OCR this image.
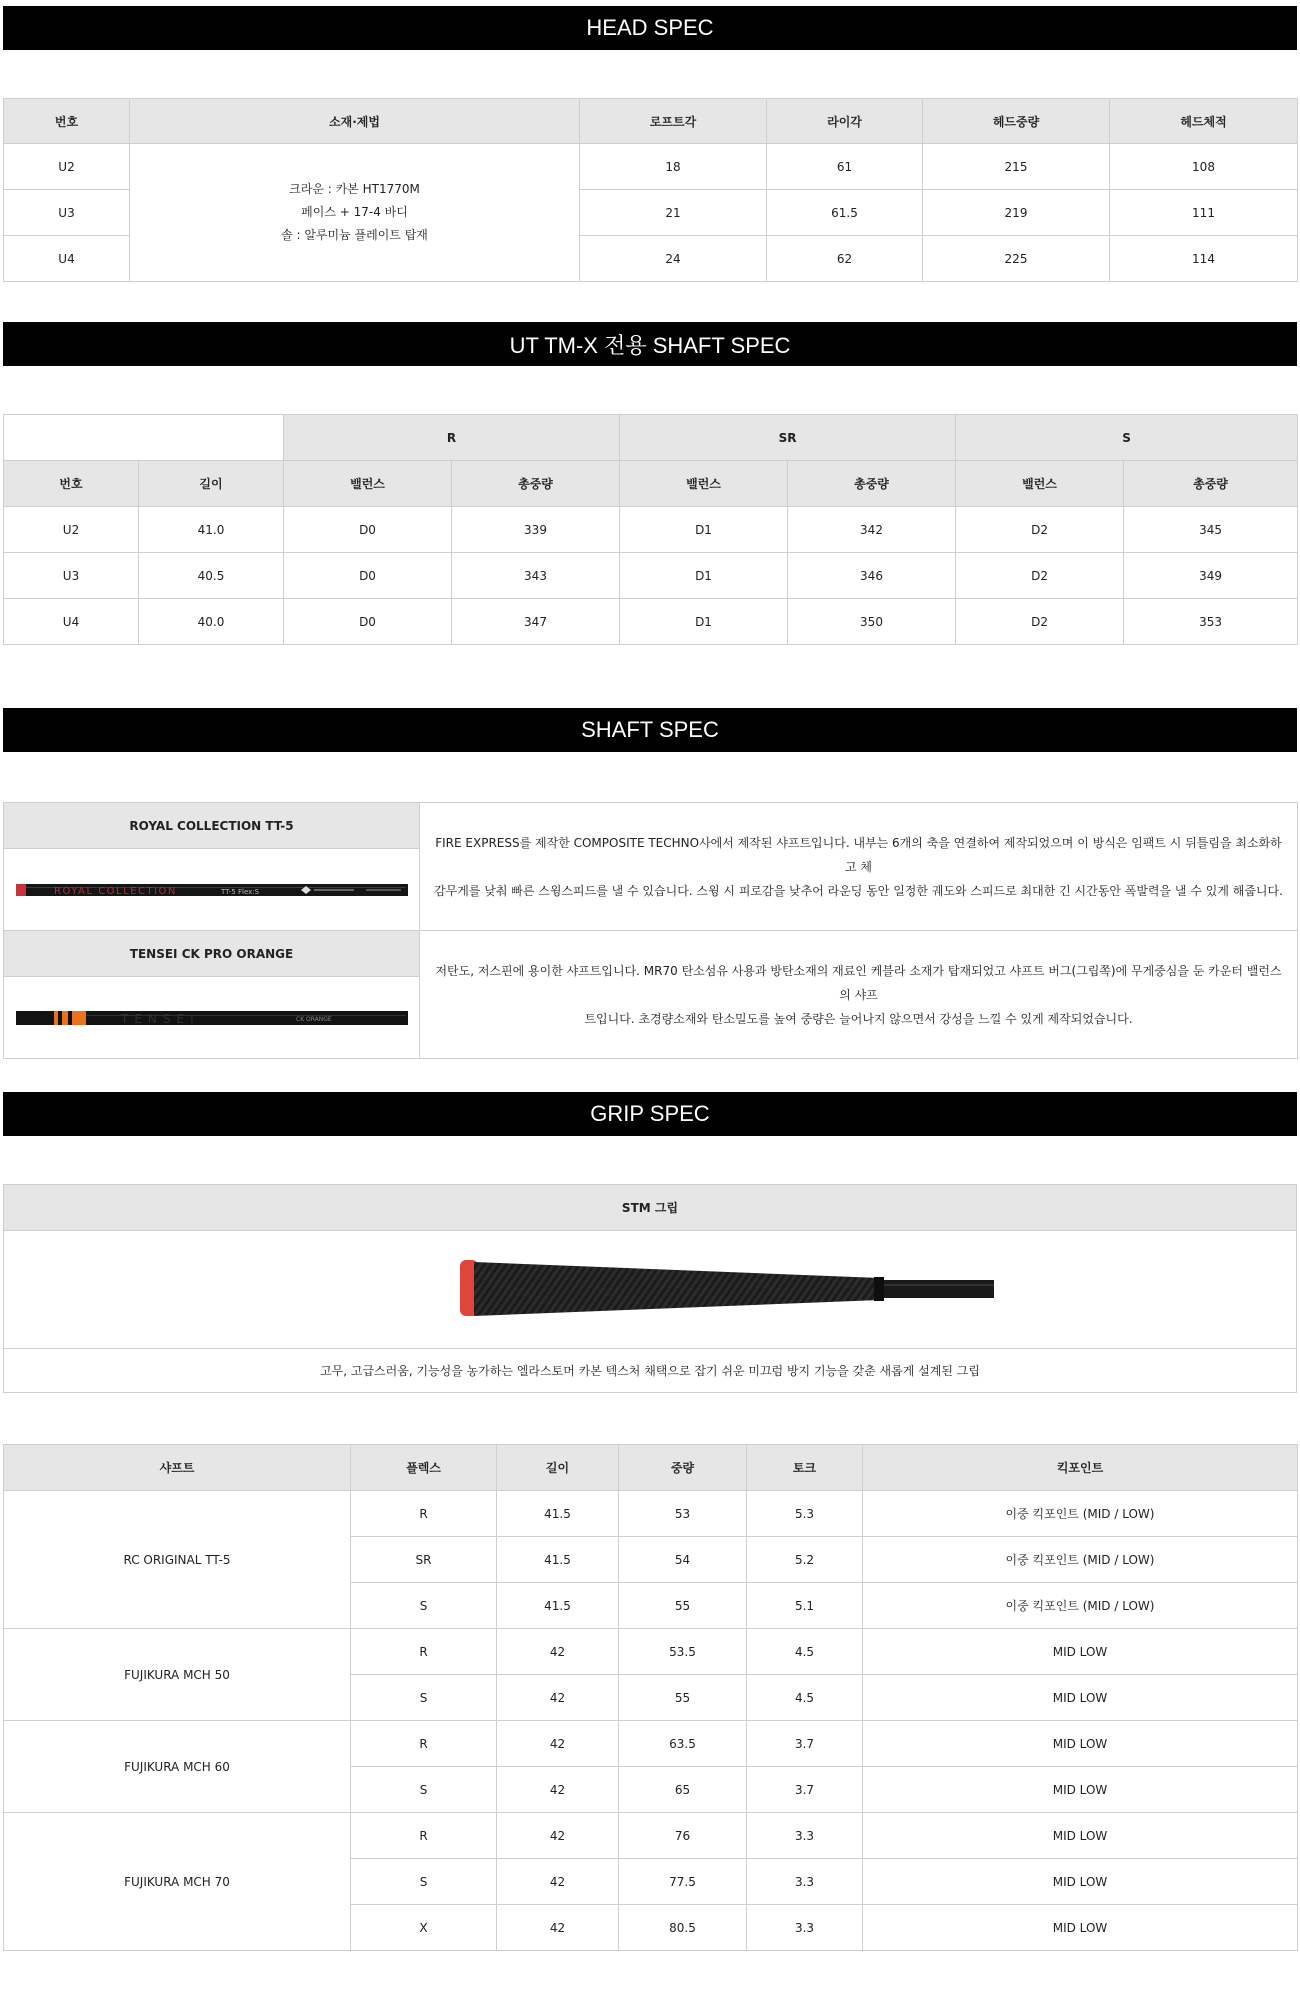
HEAD SPEC
번호	소재·제법	로프트각	라이각	헤드중량	헤드체적
U2	크라운 : 카본 HT1770M
페이스 + 17-4 바디
솔 : 알루미늄 플레이트 탑재	18	61	215	108
U3		21	61.5	219	111
U4		24	62	225	114
UT TM-X 전용 SHAFT SPEC
		R		SR		S	
번호	길이	밸런스	총중량	밸런스	총중량	밸런스	총중량
U2	41.0	D0	339	D1	342	D2	345
U3	40.5	D0	343	D1	346	D2	349
U4	40.0	D0	347	D1	350	D2	353
SHAFT SPEC
ROYAL COLLECTION TT-5	FIRE EXPRESS를 제작한 COMPOSITE TECHNO사에서 제작된 샤프트입니다. 내부는 6개의 축을 연결하여 제작되었으며 이 방식은 임팩트 시 뒤틀림을 최소화하고 체
감무게를 낮춰 빠른 스윙스피드를 낼 수 있습니다. 스윙 시 피로감을 낮추어 라운딩 동안 일정한 궤도와 스피드로 최대한 긴 시간동안 폭발력을 낼 수 있게 해줍니다.

ROYAL COLLECTION TT-5 Flex:S	

TENSEI CK PRO ORANGE	저탄도, 저스핀에 용이한 샤프트입니다. MR70 탄소섬유 사용과 방탄소재의 재료인 케블라 소재가 탑재되었고 샤프트 버그(그립쪽)에 무게중심을 둔 카운터 밸런스의 샤프
트입니다. 초경량소재와 탄소밀도를 높여 중량은 늘어나지 않으면서 강성을 느낄 수 있게 제작되었습니다.

TENSEI CK ORANGE	
GRIP SPEC
STM 그립

고무, 고급스러움, 기능성을 농가하는 엘라스토머 카본 텍스처 채택으로 잡기 쉬운 미끄럼 방지 기능을 갖춘 새롭게 설계된 그립
샤프트	플렉스	길이	중량	토크	킥포인트
RC ORIGINAL TT-5	R	41.5	53	5.3	이중 킥포인트 (MID / LOW)
	SR	41.5	54	5.2	이중 킥포인트 (MID / LOW)
	S	41.5	55	5.1	이중 킥포인트 (MID / LOW)
FUJIKURA MCH 50	R	42	53.5	4.5	MID LOW
	S	42	55	4.5	MID LOW
FUJIKURA MCH 60	R	42	63.5	3.7	MID LOW
	S	42	65	3.7	MID LOW
FUJIKURA MCH 70	R	42	76	3.3	MID LOW
	S	42	77.5	3.3	MID LOW
	X	42	80.5	3.3	MID LOW
